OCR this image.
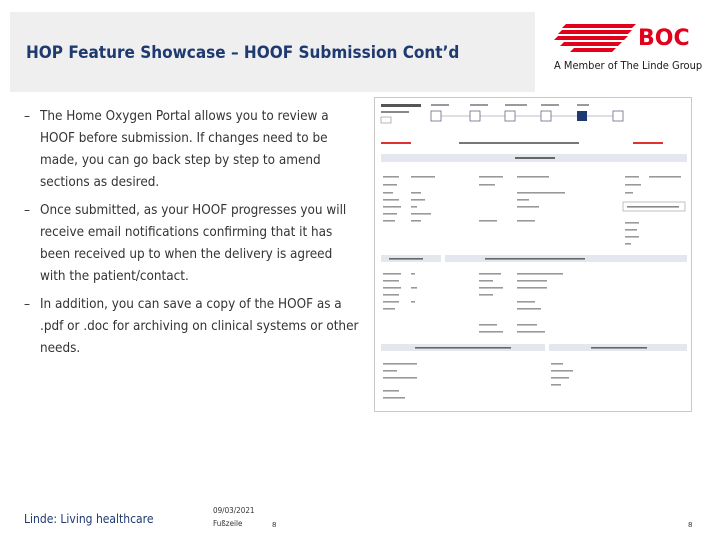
HOP Feature Showcase – HOOF Submission Cont’d
BOC
A Member of The Linde Group
– The Home Oxygen Portal allows you to review a HOOF before submission. If changes need to be made, you can go back step by step to amend sections as desired.
– Once submitted, as your HOOF progresses you will receive email notifications confirming that it has been received up to when the delivery is agreed with the patient/contact.
– In addition, you can save a copy of the HOOF as a .pdf or .doc for archiving on clinical systems or other needs.
Linde: Living healthcare
09/03/2021
Fußzeile	8	8
